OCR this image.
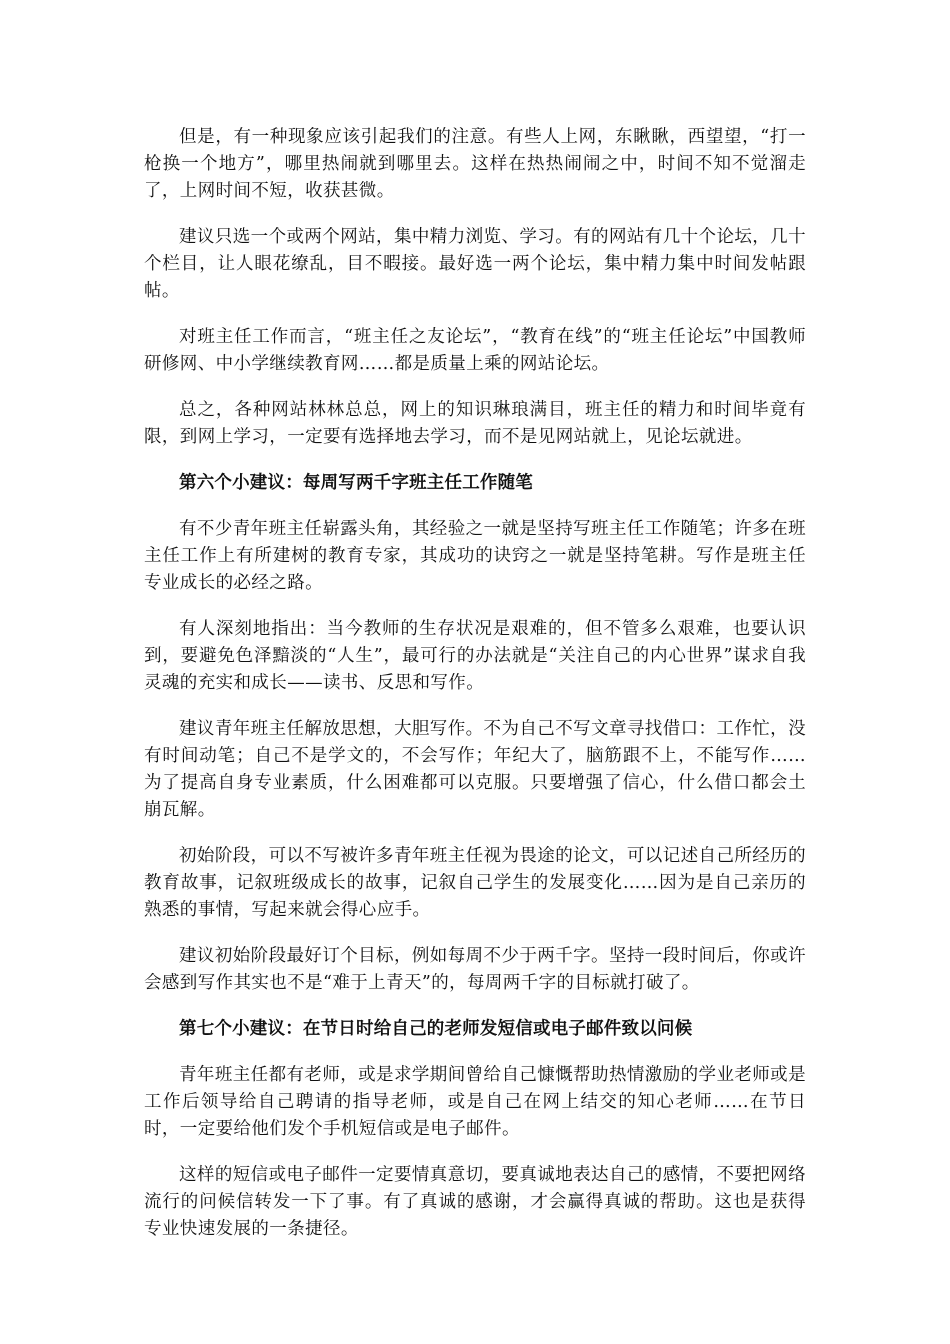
但是，有一种现象应该引起我们的注意。有些人上网，东瞅瞅，西望望，“打一枪换一个地方”，哪里热闹就到哪里去。这样在热热闹闹之中，时间不知不觉溜走了，上网时间不短，收获甚微。

建议只选一个或两个网站，集中精力浏览、学习。有的网站有几十个论坛，几十个栏目，让人眼花缭乱，目不暇接。最好选一两个论坛，集中精力集中时间发帖跟帖。

对班主任工作而言，“班主任之友论坛”，“教育在线”的“班主任论坛”中国教师研修网、中小学继续教育网……都是质量上乘的网站论坛。

总之，各种网站林林总总，网上的知识琳琅满目，班主任的精力和时间毕竟有限，到网上学习，一定要有选择地去学习，而不是见网站就上，见论坛就进。

第六个小建议：每周写两千字班主任工作随笔

有不少青年班主任崭露头角，其经验之一就是坚持写班主任工作随笔；许多在班主任工作上有所建树的教育专家，其成功的诀窍之一就是坚持笔耕。写作是班主任专业成长的必经之路。

有人深刻地指出：当今教师的生存状况是艰难的，但不管多么艰难，也要认识到，要避免色泽黯淡的“人生”，最可行的办法就是“关注自己的内心世界”谋求自我灵魂的充实和成长——读书、反思和写作。

建议青年班主任解放思想，大胆写作。不为自己不写文章寻找借口：工作忙，没有时间动笔；自己不是学文的，不会写作；年纪大了，脑筋跟不上，不能写作……为了提高自身专业素质，什么困难都可以克服。只要增强了信心，什么借口都会土崩瓦解。

初始阶段，可以不写被许多青年班主任视为畏途的论文，可以记述自己所经历的教育故事，记叙班级成长的故事，记叙自己学生的发展变化……因为是自己亲历的熟悉的事情，写起来就会得心应手。

建议初始阶段最好订个目标，例如每周不少于两千字。坚持一段时间后，你或许会感到写作其实也不是“难于上青天”的，每周两千字的目标就打破了。

第七个小建议：在节日时给自己的老师发短信或电子邮件致以问候

青年班主任都有老师，或是求学期间曾给自己慷慨帮助热情激励的学业老师或是工作后领导给自己聘请的指导老师，或是自己在网上结交的知心老师……在节日时，一定要给他们发个手机短信或是电子邮件。

这样的短信或电子邮件一定要情真意切，要真诚地表达自己的感情，不要把网络流行的问候信转发一下了事。有了真诚的感谢，才会赢得真诚的帮助。这也是获得专业快速发展的一条捷径。
